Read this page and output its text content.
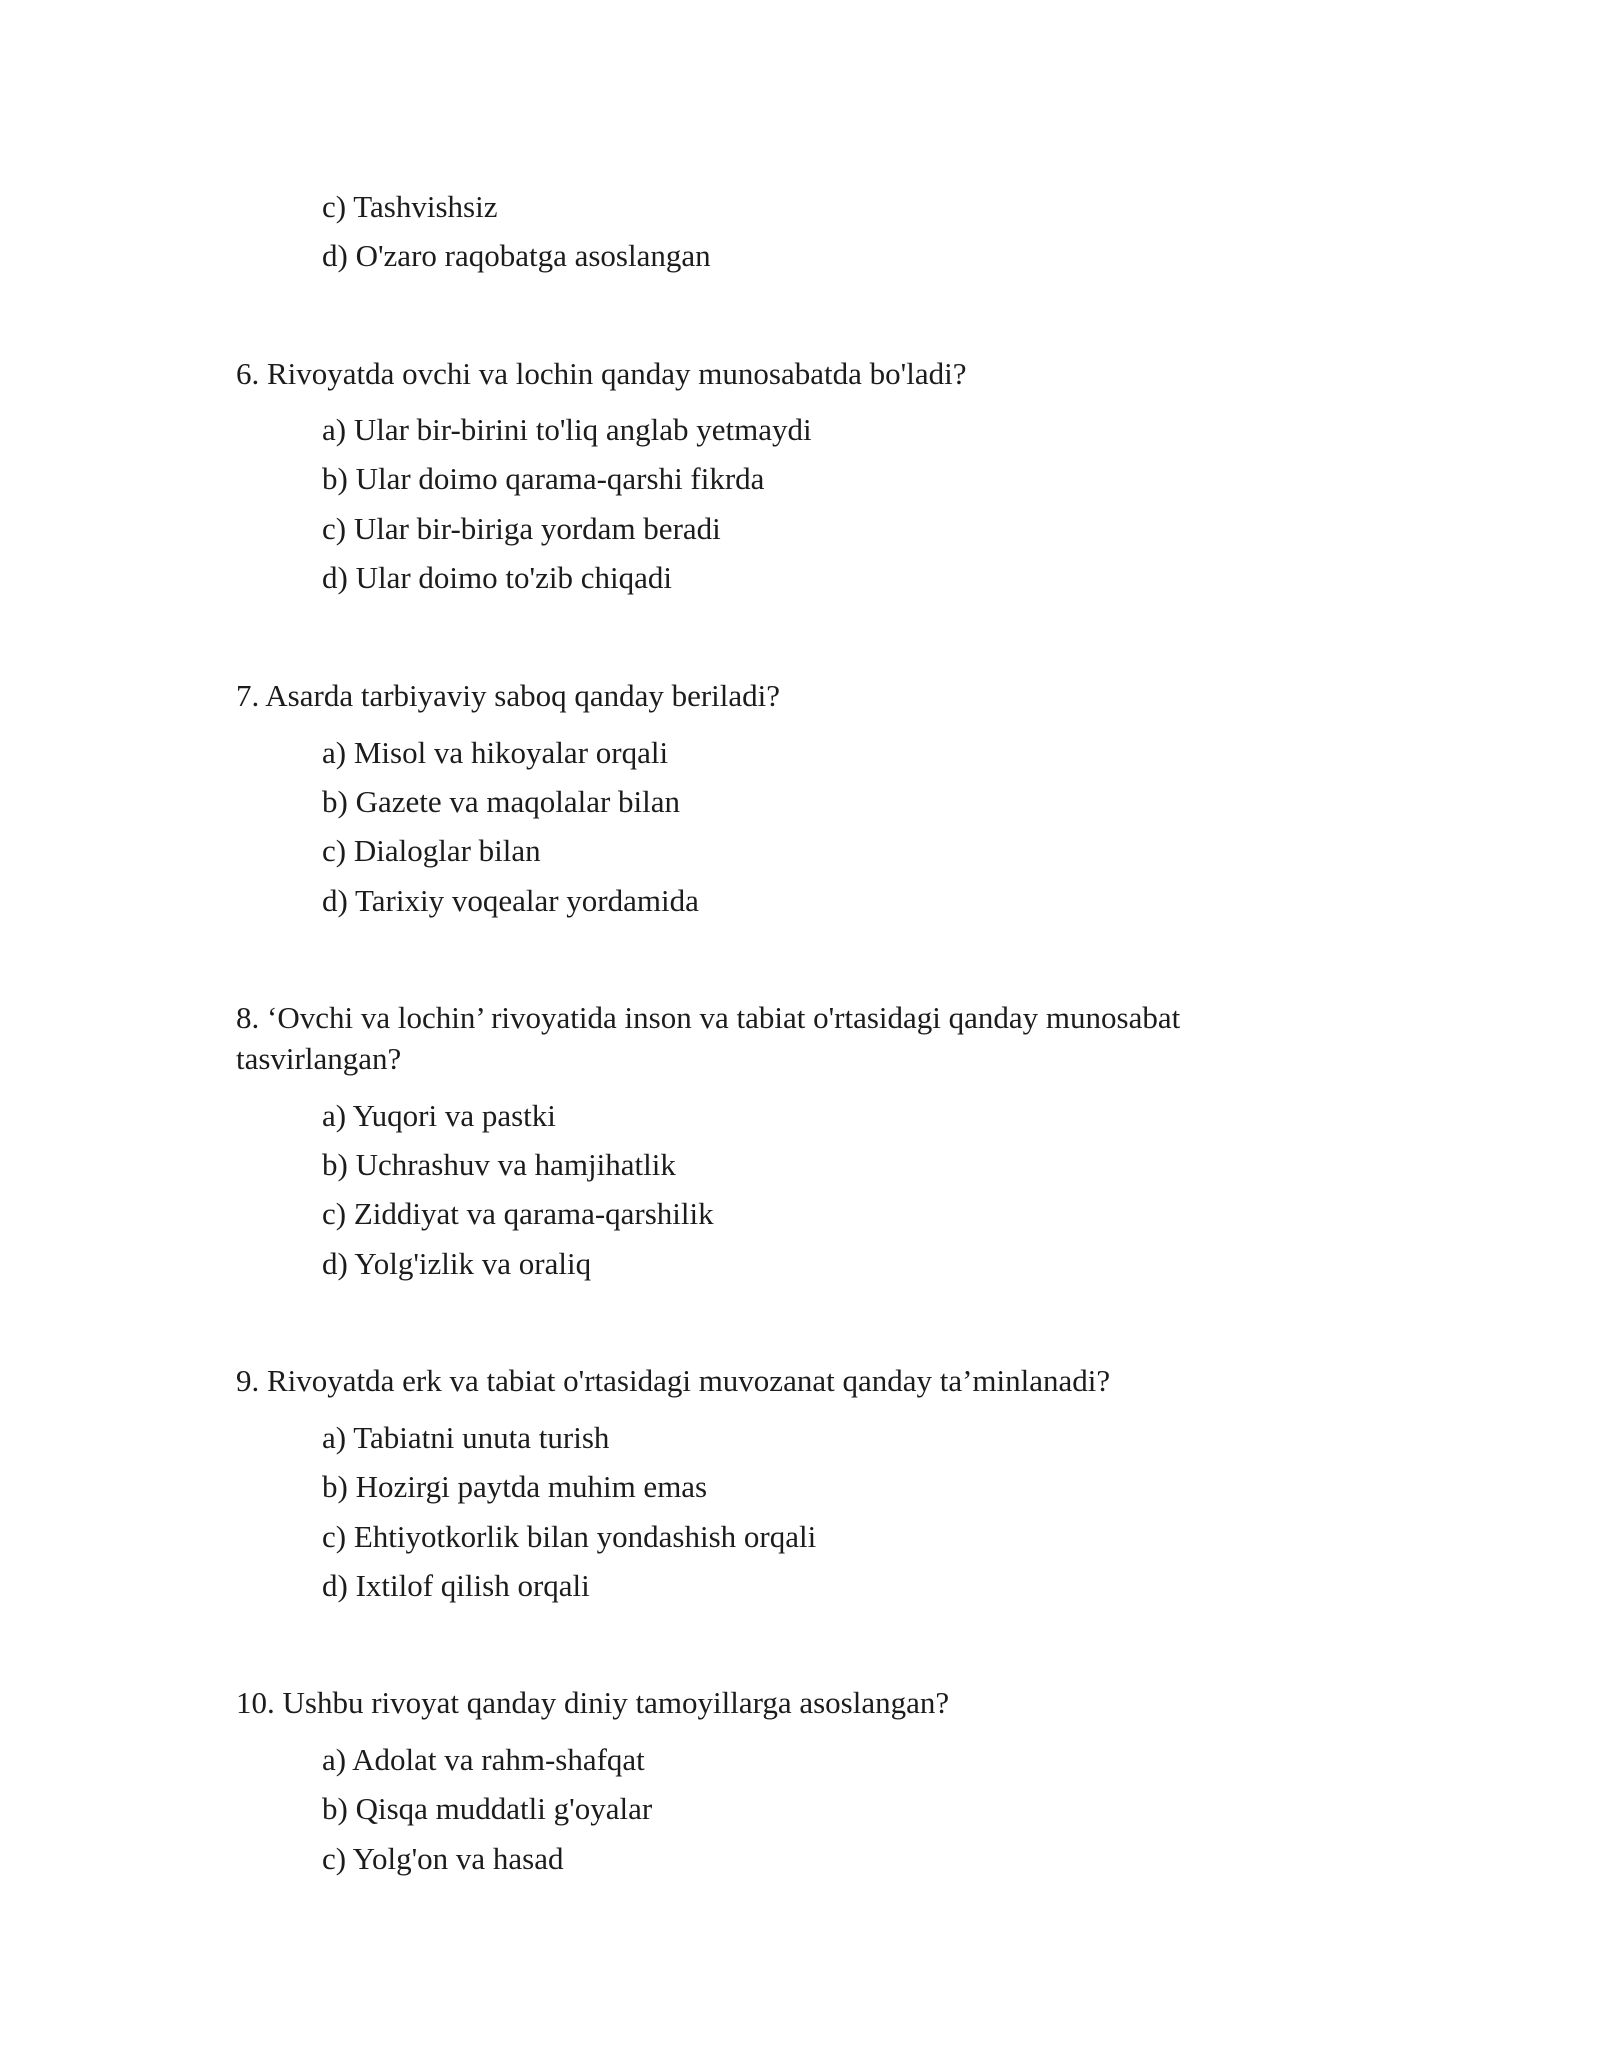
c) Tashvishsiz
d) O'zaro raqobatga asoslangan
6. Rivoyatda ovchi va lochin qanday munosabatda bo'ladi?
a) Ular bir-birini to'liq anglab yetmaydi
b) Ular doimo qarama-qarshi fikrda
c) Ular bir-biriga yordam beradi
d) Ular doimo to'zib chiqadi
7. Asarda tarbiyaviy saboq qanday beriladi?
a) Misol va hikoyalar orqali
b) Gazete va maqolalar bilan
c) Dialoglar bilan
d) Tarixiy voqealar yordamida
8. ‘Ovchi va lochin’ rivoyatida inson va tabiat o'rtasidagi qanday munosabat
tasvirlangan?
a) Yuqori va pastki
b) Uchrashuv va hamjihatlik
c) Ziddiyat va qarama-qarshilik
d) Yolg'izlik va oraliq
9. Rivoyatda erk va tabiat o'rtasidagi muvozanat qanday ta’minlanadi?
a) Tabiatni unuta turish
b) Hozirgi paytda muhim emas
c) Ehtiyotkorlik bilan yondashish orqali
d) Ixtilof qilish orqali
10. Ushbu rivoyat qanday diniy tamoyillarga asoslangan?
a) Adolat va rahm-shafqat
b) Qisqa muddatli g'oyalar
c) Yolg'on va hasad
